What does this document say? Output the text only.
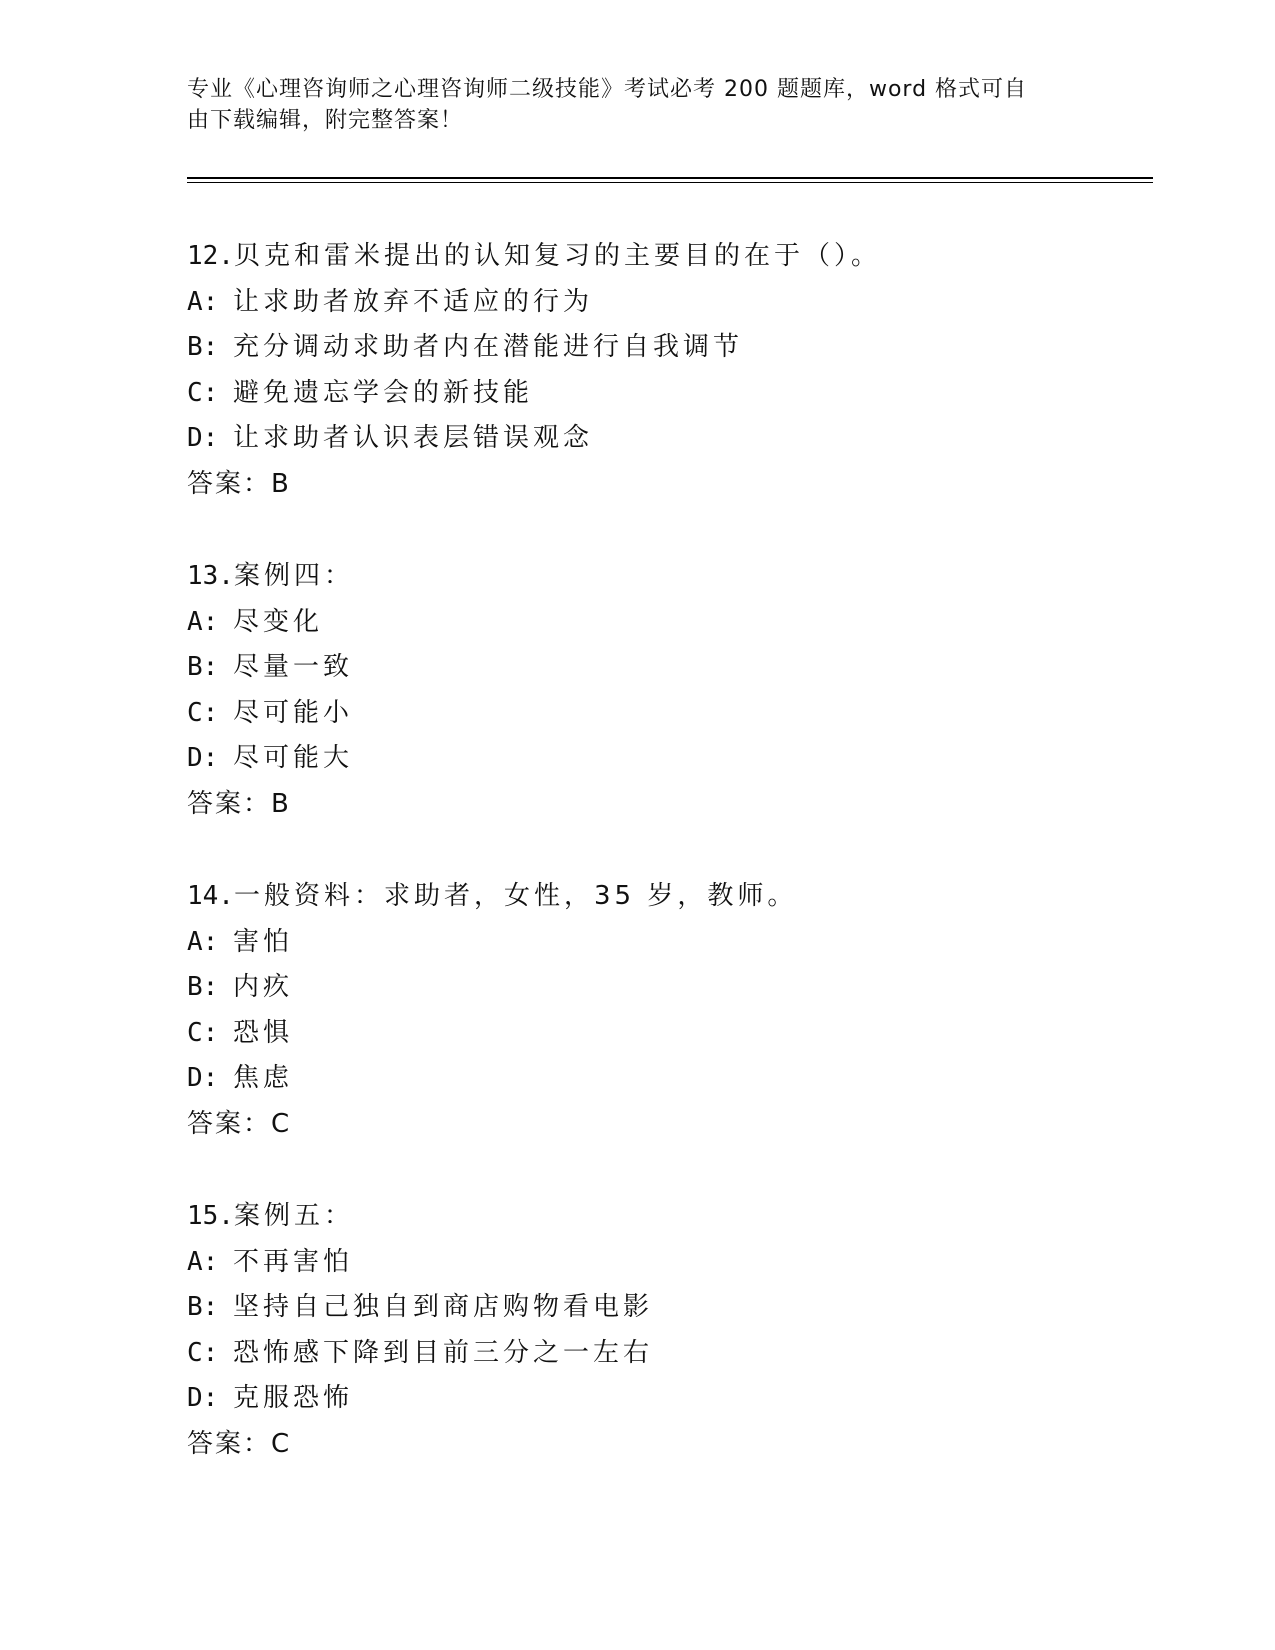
专业《心理咨询师之心理咨询师二级技能》考试必考 200 题题库，word 格式可自
由下载编辑，附完整答案！
12.贝克和雷米提出的认知复习的主要目的在于（）。
A: 让求助者放弃不适应的行为
B: 充分调动求助者内在潜能进行自我调节
C: 避免遗忘学会的新技能
D: 让求助者认识表层错误观念
答案：B
13.案例四：
A: 尽变化
B: 尽量一致
C: 尽可能小
D: 尽可能大
答案：B
14.一般资料：求助者，女性，35 岁，教师。
A: 害怕
B: 内疚
C: 恐惧
D: 焦虑
答案：C
15.案例五：
A: 不再害怕
B: 坚持自己独自到商店购物看电影
C: 恐怖感下降到目前三分之一左右
D: 克服恐怖
答案：C
